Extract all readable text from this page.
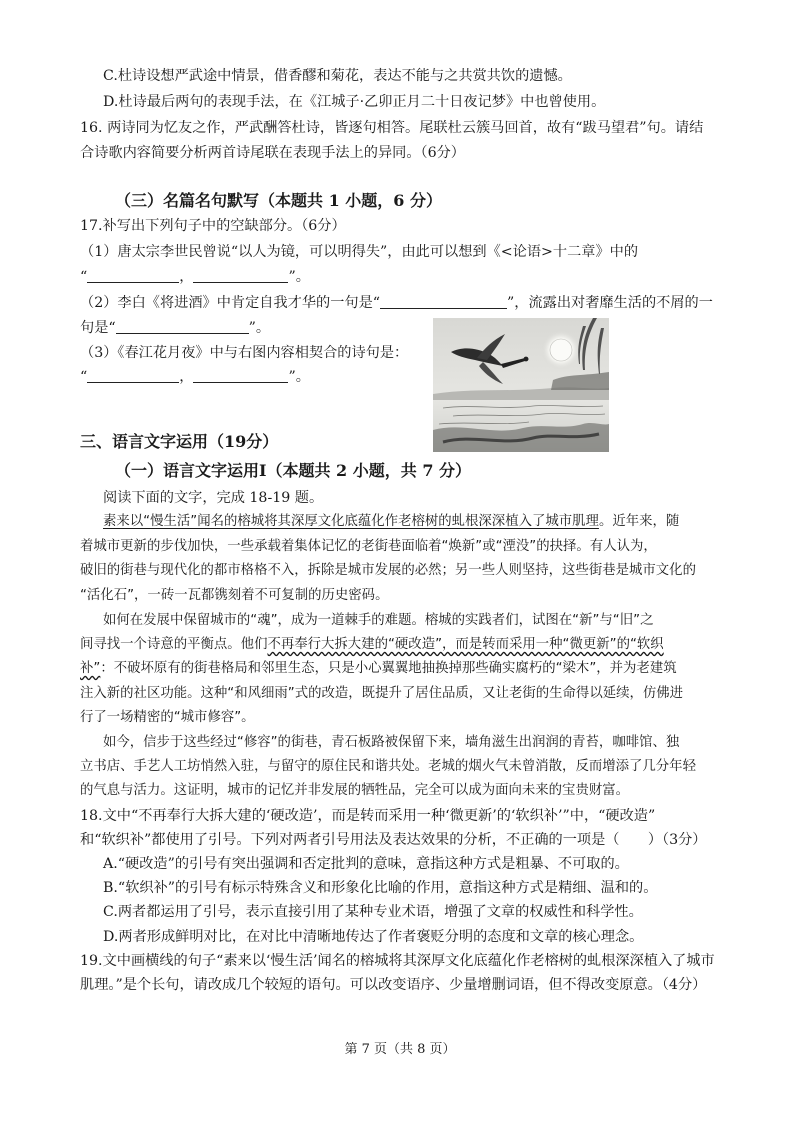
C.杜诗设想严武途中情景，借香醪和菊花，表达不能与之共赏共饮的遗憾。
D.杜诗最后两句的表现手法，在《江城子·乙卯正月二十日夜记梦》中也曾使用。
16. 两诗同为忆友之作，严武酬答杜诗，皆逐句相答。尾联杜云簇马回首，故有“跋马望君”句。请结
合诗歌内容简要分析两首诗尾联在表现手法上的异同。（6分）
（三）名篇名句默写（本题共 1 小题，6 分）
17.补写出下列句子中的空缺部分。（6分）
（1）唐太宗李世民曾说“以人为镜，可以明得失”，由此可以想到《<论语>十二章》中的
“	，	”。
（2）李白《将进酒》中肯定自我才华的一句是“	”，流露出对奢靡生活的不屑的一
句是“	”。
（3）《春江花月夜》中与右图内容相契合的诗句是：
“	，	”。
三、语言文字运用（19分）
（一）语言文字运用Ⅰ（本题共 2 小题，共 7 分）
阅读下面的文字，完成 18-19 题。
素来以“慢生活”闻名的榕城将其深厚文化底蕴化作老榕树的虬根深深植入了城市肌理。近年来，随
着城市更新的步伐加快，一些承载着集体记忆的老街巷面临着“焕新”或“湮没”的抉择。有人认为，
破旧的街巷与现代化的都市格格不入，拆除是城市发展的必然；另一些人则坚持，这些街巷是城市文化的
“活化石”，一砖一瓦都镌刻着不可复制的历史密码。
如何在发展中保留城市的“魂”，成为一道棘手的难题。榕城的实践者们，试图在“新”与“旧”之
间寻找一个诗意的平衡点。他们不再奉行大拆大建的“硬改造”，而是转而采用一种“微更新”的“软织
补”：不破坏原有的街巷格局和邻里生态，只是小心翼翼地抽换掉那些确实腐朽的“梁木”，并为老建筑
注入新的社区功能。这种“和风细雨”式的改造，既提升了居住品质，又让老街的生命得以延续，仿佛进
行了一场精密的“城市修容”。
如今，信步于这些经过“修容”的街巷，青石板路被保留下来，墙角滋生出润润的青苔，咖啡馆、独
立书店、手艺人工坊悄然入驻，与留守的原住民和谐共处。老城的烟火气未曾消散，反而增添了几分年轻
的气息与活力。这证明，城市的记忆并非发展的牺牲品，完全可以成为面向未来的宝贵财富。
18.文中“不再奉行大拆大建的‘硬改造’，而是转而采用一种‘微更新’的‘软织补’”中，“硬改造”
和“软织补”都使用了引号。下列对两者引号用法及表达效果的分析，不正确的一项是（　　）（3分）
A.“硬改造”的引号有突出强调和否定批判的意味，意指这种方式是粗暴、不可取的。
B.“软织补”的引号有标示特殊含义和形象化比喻的作用，意指这种方式是精细、温和的。
C.两者都运用了引号，表示直接引用了某种专业术语，增强了文章的权威性和科学性。
D.两者形成鲜明对比，在对比中清晰地传达了作者褒贬分明的态度和文章的核心理念。
19.文中画横线的句子“素来以‘慢生活’闻名的榕城将其深厚文化底蕴化作老榕树的虬根深深植入了城市
肌理。”是个长句，请改成几个较短的语句。可以改变语序、少量增删词语，但不得改变原意。（4分）
第 7 页（共 8 页）
